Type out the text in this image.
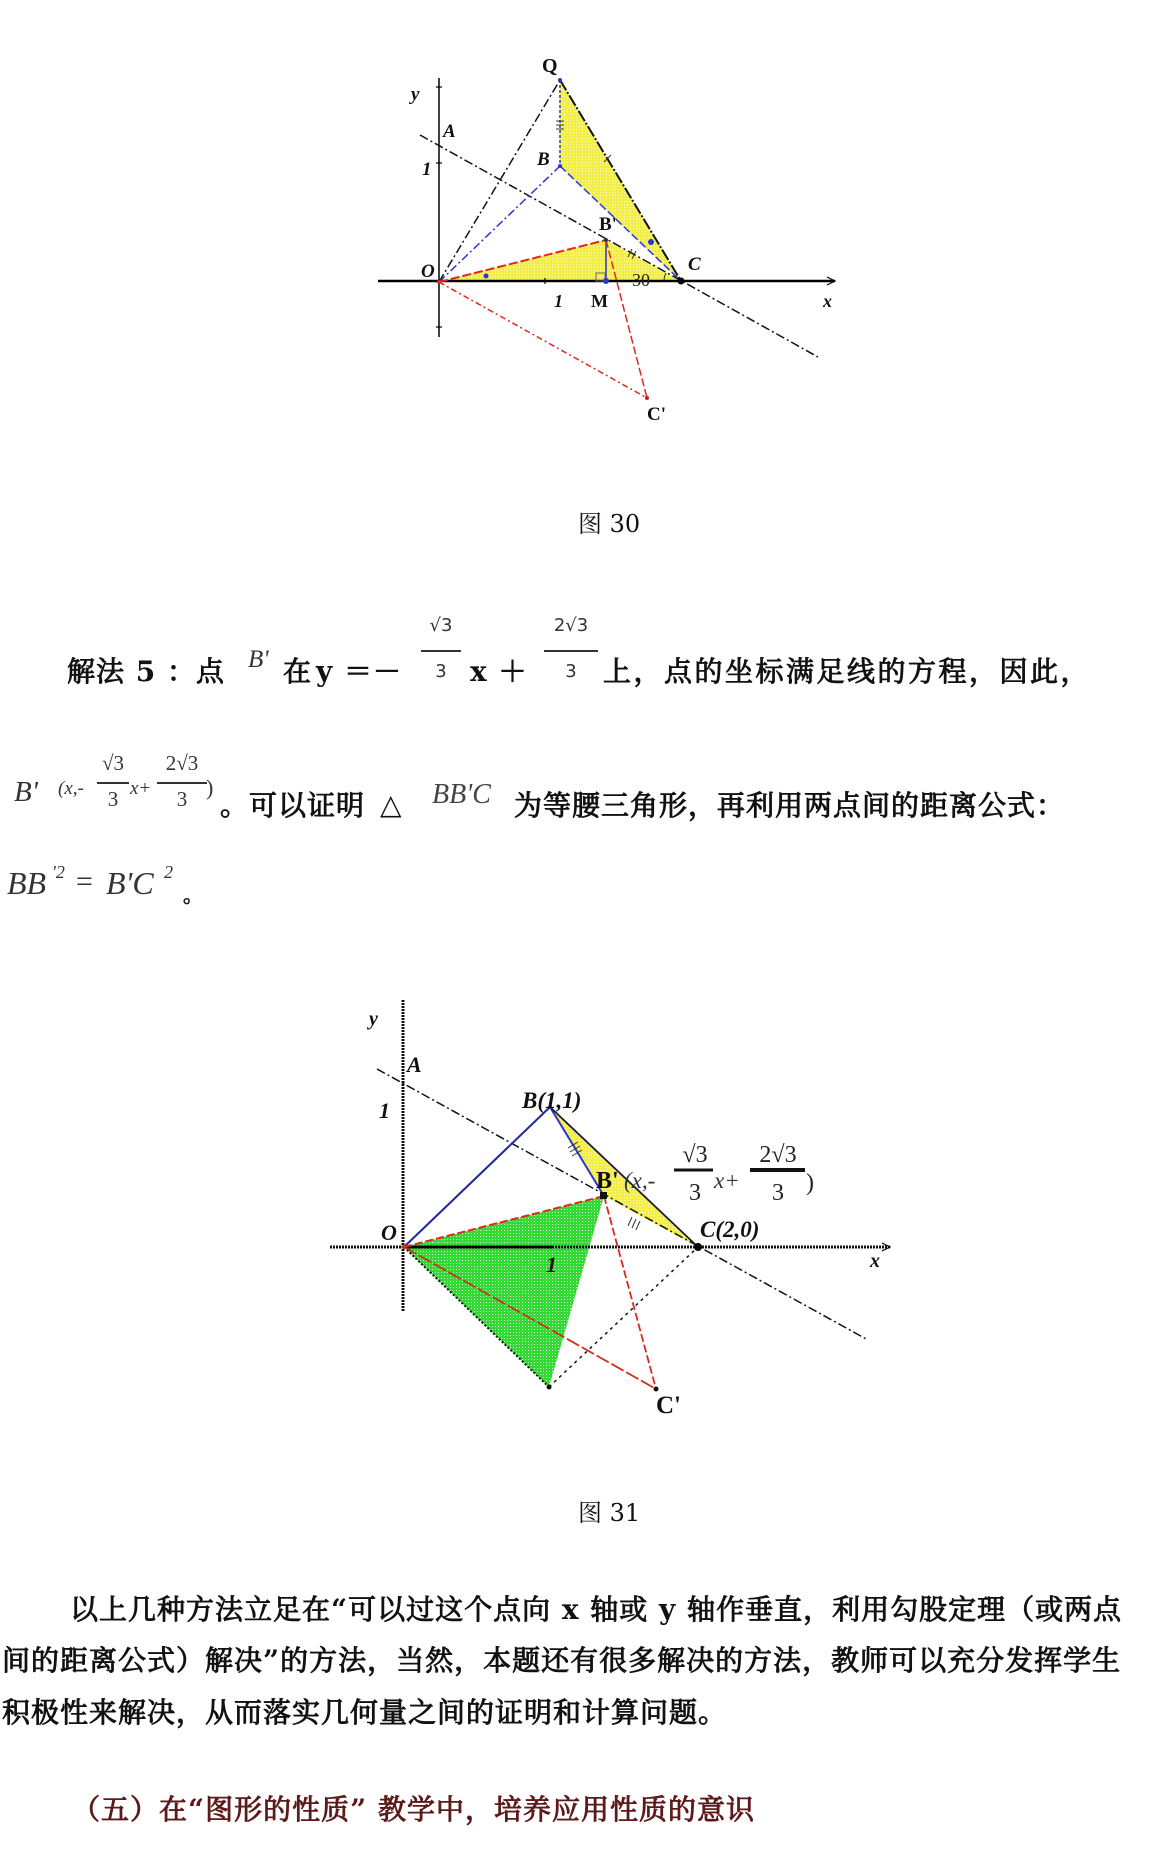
Q
y
A
1	B
B'
O	C
30
1 M	x
C'
图 30
解法 5 ：点 B' 在 y ＝－
√3
3 x ＋
2√3
3 上，点的坐标满足线的方程，因此，
B' (x,-
√3
3 x+
2√3
3 )
。可以证明 △ BB'C 为等腰三角形，再利用两点间的距离公式：
BB '2 = B'C 2
。
y
A
1	B(1,1)
O
B' (x,-
√3
3 x+
2√3
3 )
C(2,0)
1	x
C'
图 31
以上几种方法立足在“可以过这个点向 x 轴或 y 轴作垂直，利用勾股定理（或两点
间的距离公式）解决”的方法，当然，本题还有很多解决的方法，教师可以充分发挥学生
积极性来解决，从而落实几何量之间的证明和计算问题。
（五）在“图形的性质” 教学中，培养应用性质的意识
